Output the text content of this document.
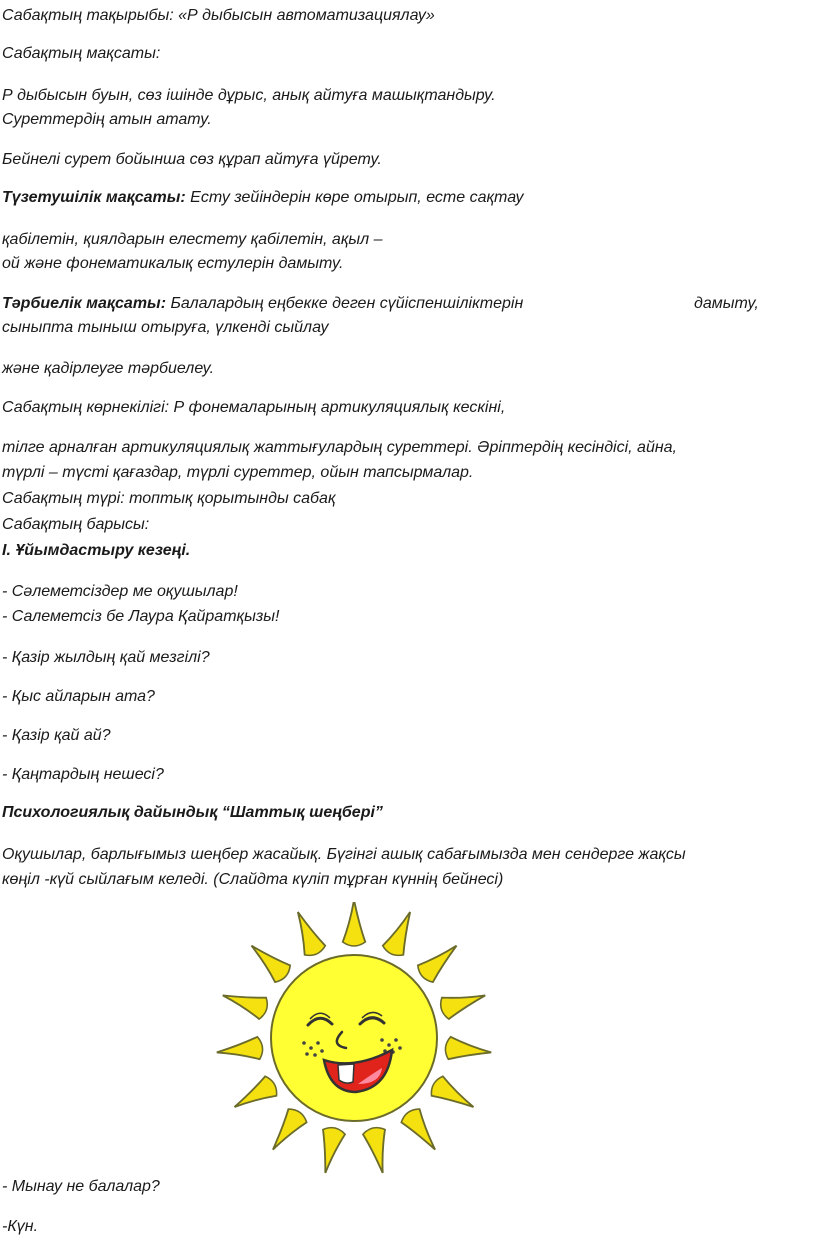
Сабақтың тақырыбы: «Р дыбысын автоматизациялау»
Сабақтың мақсаты:
Р дыбысын буын, сөз ішінде дұрыс, анық айтуға машықтандыру.
Суреттердің атын атату.
Бейнелі сурет бойынша сөз құрап айтуға үйрету.
Түзетушілік мақсаты: Есту зейіндерін көре отырып, есте сақтау
қабілетін, қиялдарын елестету қабілетін, ақыл –
ой және фонематикалық естулерін дамыту.
Тәрбиелік мақсаты: Балалардың еңбекке деген сүйіспеншіліктерін	дамыту,
сыныпта тыныш отыруға, үлкенді сыйлау
және қадірлеуге тәрбиелеу.
Сабақтың көрнекілігі: Р фонемаларының артикуляциялық кескіні,
тілге арналған артикуляциялық жаттығулардың суреттері. Әріптердің кесіндісі, айна,
түрлі – түсті қағаздар, түрлі суреттер, ойын тапсырмалар.
Сабақтың түрі: топтық қорытынды сабақ
Сабақтың барысы:
І. Ұйымдастыру кезеңі.
- Сәлеметсіздер ме оқушылар!
- Салеметсіз бе Лаура Қайратқызы!
- Қазір жылдың қай мезгілі?
- Қыс айларын ата?
- Қазір қай ай?
- Қаңтардың нешесі?
Психологиялық дайындық “Шаттық шеңбері”
Оқушылар, барлығымыз шеңбер жасайық. Бүгінгі ашық сабағымызда мен сендерге жақсы
көңіл -күй сыйлағым келеді. (Слайдта күліп тұрған күннің бейнесі)
- Мынау не балалар?
-Күн.
